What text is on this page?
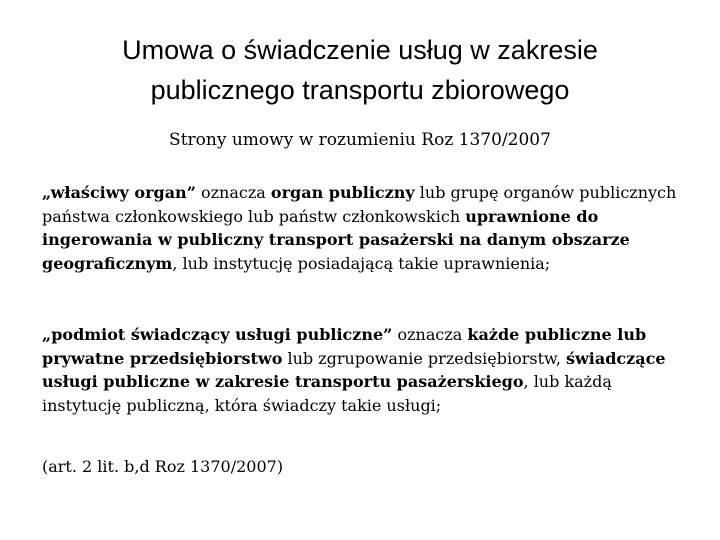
Umowa o świadczenie usług w zakresie
publicznego transportu zbiorowego
Strony umowy w rozumieniu Roz 1370/2007

„właściwy organ” oznacza organ publiczny lub grupę organów publicznych państwa członkowskiego lub państw członkowskich uprawnione do ingerowania w publiczny transport pasażerski na danym obszarze geograficznym, lub instytucję posiadającą takie uprawnienia;

„podmiot świadczący usługi publiczne” oznacza każde publiczne lub prywatne przedsiębiorstwo lub zgrupowanie przedsiębiorstw, świadczące usługi publiczne w zakresie transportu pasażerskiego, lub każdą instytucję publiczną, która świadczy takie usługi;

(art. 2 lit. b,d Roz 1370/2007)
